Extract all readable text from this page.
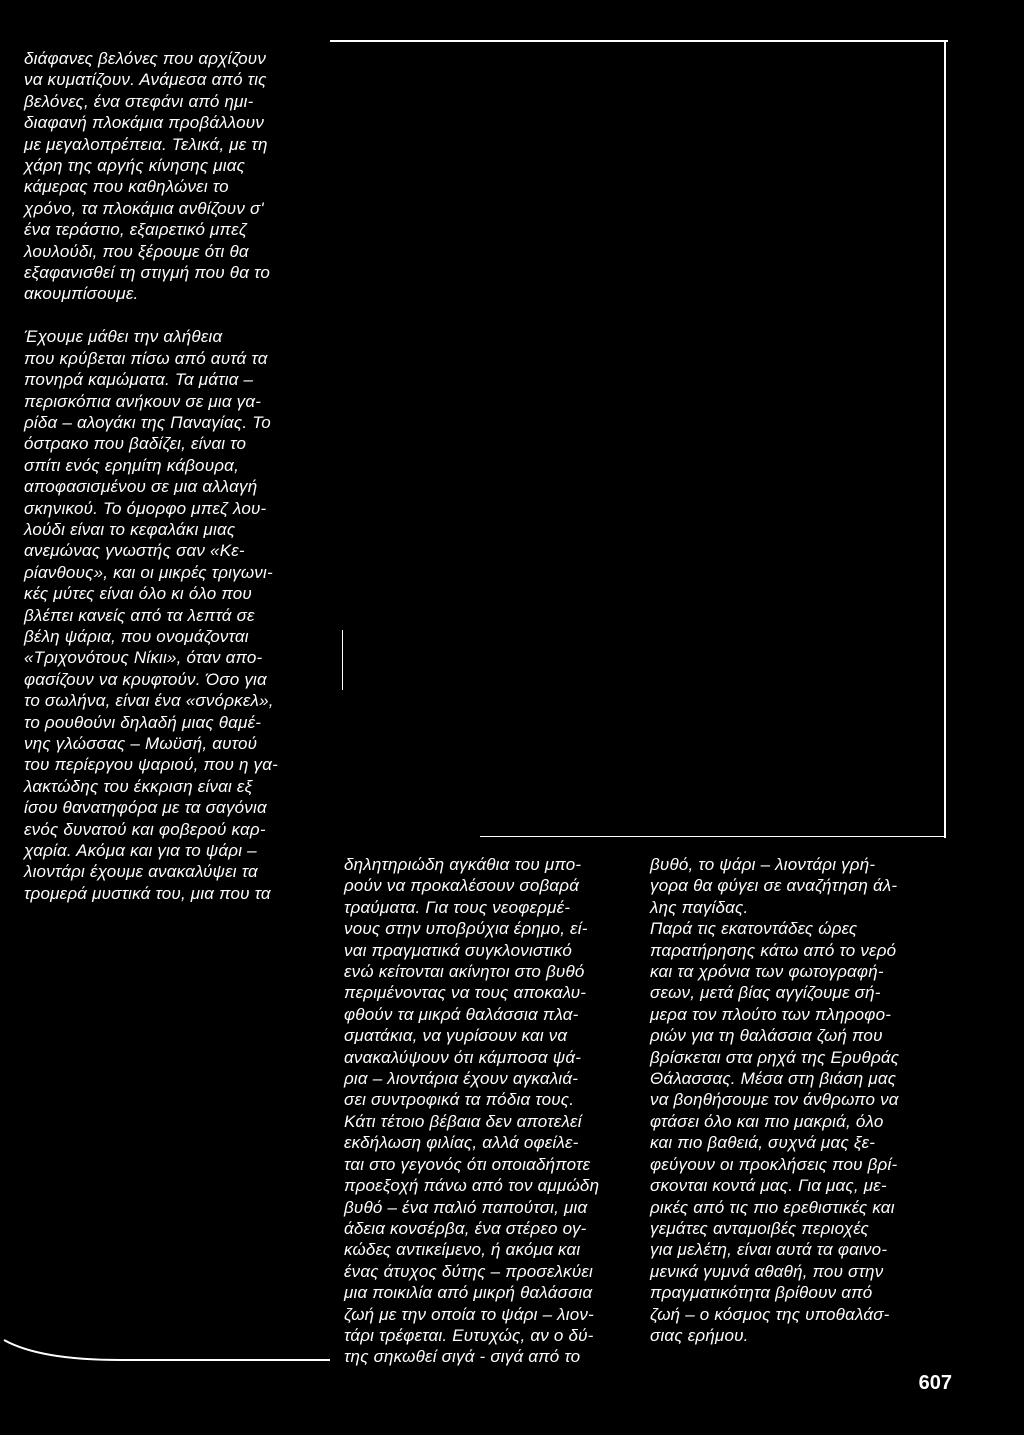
διάφανες βελόνες που αρχίζουν
να κυματίζουν. Ανάμεσα από τις
βελόνες, ένα στεφάνι από ημι-
διαφανή πλοκάμια προβάλλουν
με μεγαλοπρέπεια. Τελικά, με τη
χάρη της αργής κίνησης μιας
κάμερας που καθηλώνει το
χρόνο, τα πλοκάμια ανθίζουν σ'
ένα τεράστιο, εξαιρετικό μπεζ
λουλούδι, που ξέρουμε ότι θα
εξαφανισθεί τη στιγμή που θα το
ακουμπίσουμε.

Έχουμε μάθει την αλήθεια
που κρύβεται πίσω από αυτά τα
πονηρά καμώματα. Τα μάτια –
περισκόπια ανήκουν σε μια γα-
ρίδα – αλογάκι της Παναγίας. Το
όστρακο που βαδίζει, είναι το
σπίτι ενός ερημίτη κάβουρα,
αποφασισμένου σε μια αλλαγή
σκηνικού. Το όμορφο μπεζ λου-
λούδι είναι το κεφαλάκι μιας
ανεμώνας γνωστής σαν «Κε-
ρίανθους», και οι μικρές τριγωνι-
κές μύτες είναι όλο κι όλο που
βλέπει κανείς από τα λεπτά σε
βέλη ψάρια, που ονομάζονται
«Τριχονότους Νίκιι», όταν απο-
φασίζουν να κρυφτούν. Όσο για
το σωλήνα, είναι ένα «σνόρκελ»,
το ρουθούνι δηλαδή μιας θαμέ-
νης γλώσσας – Μωϋσή, αυτού
του περίεργου ψαριού, που η γα-
λακτώδης του έκκριση είναι εξ
ίσου θανατηφόρα με τα σαγόνια
ενός δυνατού και φοβερού καρ-
χαρία. Ακόμα και για το ψάρι –
λιοντάρι έχουμε ανακαλύψει τα
τρομερά μυστικά του, μια που τα

δηλητηριώδη αγκάθια του μπο-
ρούν να προκαλέσουν σοβαρά
τραύματα. Για τους νεοφερμέ-
νους στην υποβρύχια έρημο, εί-
ναι πραγματικά συγκλονιστικό
ενώ κείτονται ακίνητοι στο βυθό
περιμένοντας να τους αποκαλυ-
φθούν τα μικρά θαλάσσια πλα-
σματάκια, να γυρίσουν και να
ανακαλύψουν ότι κάμποσα ψά-
ρια – λιοντάρια έχουν αγκαλιά-
σει συντροφικά τα πόδια τους.
Κάτι τέτοιο βέβαια δεν αποτελεί
εκδήλωση φιλίας, αλλά οφείλε-
ται στο γεγονός ότι οποιαδήποτε
προεξοχή πάνω από τον αμμώδη
βυθό – ένα παλιό παπούτσι, μια
άδεια κονσέρβα, ένα στέρεο ογ-
κώδες αντικείμενο, ή ακόμα και
ένας άτυχος δύτης – προσελκύει
μια ποικιλία από μικρή θαλάσσια
ζωή με την οποία το ψάρι – λιον-
τάρι τρέφεται. Ευτυχώς, αν ο δύ-
της σηκωθεί σιγά - σιγά από το

βυθό, το ψάρι – λιοντάρι γρή-
γορα θα φύγει σε αναζήτηση άλ-
λης παγίδας.
Παρά τις εκατοντάδες ώρες
παρατήρησης κάτω από το νερό
και τα χρόνια των φωτογραφή-
σεων, μετά βίας αγγίζουμε σή-
μερα τον πλούτο των πληροφο-
ριών για τη θαλάσσια ζωή που
βρίσκεται στα ρηχά της Ερυθράς
Θάλασσας. Μέσα στη βιάση μας
να βοηθήσουμε τον άνθρωπο να
φτάσει όλο και πιο μακριά, όλο
και πιο βαθειά, συχνά μας ξε-
φεύγουν οι προκλήσεις που βρί-
σκονται κοντά μας. Για μας, με-
ρικές από τις πιο ερεθιστικές και
γεμάτες ανταμοιβές περιοχές
για μελέτη, είναι αυτά τα φαινο-
μενικά γυμνά αθαθή, που στην
πραγματικότητα βρίθουν από
ζωή – ο κόσμος της υποθαλάσ-
σιας ερήμου.

607
